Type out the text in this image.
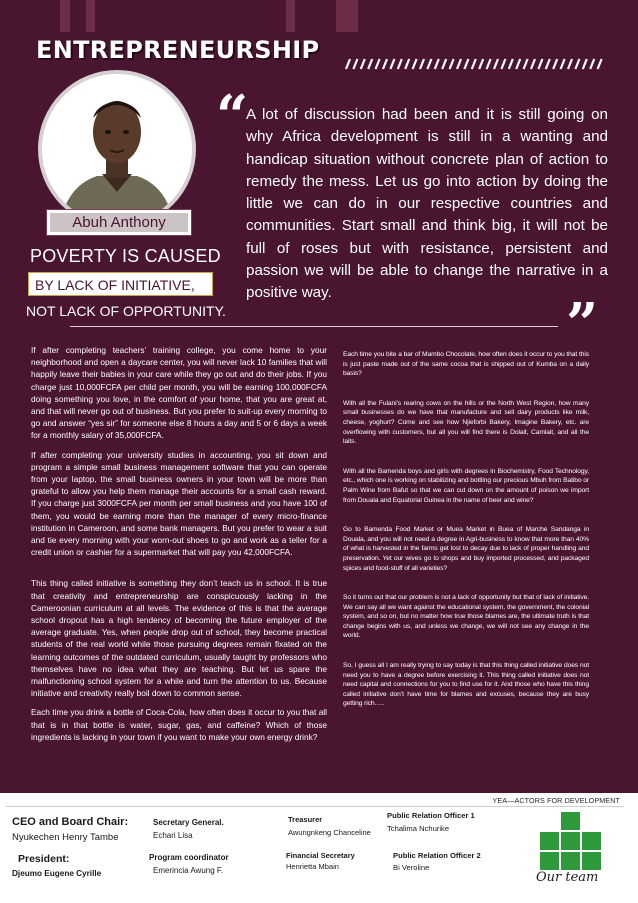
ENTREPRENEURSHIP
Abuh Anthony
POVERTY IS CAUSED
BY LACK OF INITIATIVE,
NOT LACK OF OPPORTUNITY.
“
A lot of discussion had been and it is still going on why Africa development is still in a wanting and handicap situation without concrete plan of action to remedy the mess. Let us go into action by doing the little we can do in our respective countries and communities. Start small and think big, it will not be full of roses but with resistance, persistent and passion we will be able to change the narrative in a positive way.	”

If after completing teachers’ training college, you come home to your neighborhood and open a daycare center, you will never lack 10 families that will happily leave their babies in your care while they go out and do their jobs. If you charge just 10,000FCFA per child per month, you will be earning 100,000FCFA doing something you love, in the comfort of your home, that you are great at, and that will never go out of business. But you prefer to suit-up every morning to go and answer “yes sir” for someone else 8 hours a day and 5 or 6 days a week for a monthly salary of 35,000FCFA.

If after completing your university studies in accounting, you sit down and program a simple small business management software that you can operate from your laptop, the small business owners in your town will be more than grateful to allow you help them manage their accounts for a small cash reward. If you charge just 3000FCFA per month per small business and you have 100 of them, you would be earning more than the manager of every micro-finance institution in Cameroon, and some bank managers. But you prefer to wear a suit and tie every morning with your worn-out shoes to go and work as a teller for a credit union or cashier for a supermarket that will pay you 42,000FCFA.

This thing called initiative is something they don’t teach us in school. It is true that creativity and entrepreneurship are conspicuously lacking in the Cameroonian curriculum at all levels. The evidence of this is that the average school dropout has a high tendency of becoming the future employer of the average graduate. Yes, when people drop out of school, they become practical students of the real world while those pursuing degrees remain fixated on the learning outcomes of the outdated curriculum, usually taught by professors who themselves have no idea what they are teaching. But let us spare the malfunctioning school system for a while and turn the attention to us. Because initiative and creativity really boil down to common sense.

Each time you drink a bottle of Coca-Cola, how often does it occur to you that all that is in that bottle is water, sugar, gas, and caffeine? Which of those ingredients is lacking in your town if you want to make your own energy drink?

Each time you bite a bar of Mambo Chocolate, how often does it occur to you that this is just paste made out of the same cocoa that is shipped out of Kumba on a daily basis?

With all the Fulani’s rearing cows on the hills or the North West Region, how many small businesses do we have that manufacture and sell dairy products like milk, cheese, yoghurt? Come and see how Njieforbi Bakery, Imagine Bakery, etc. are overflowing with customers, but all you will find there is Dolait, Camlait, and all the laits.

With all the Bamenda boys and girls with degrees in Biochemistry, Food Technology, etc., which one is working on stabilizing and bottling our precious Mbuh from Batibo or Palm Wine from Bafut so that we can cut down on the amount of poison we import from Douala and Equatorial Guinea in the name of beer and wine?

Go to Bamenda Food Market or Muea Market in Buea of Marche Sandanga in Douala, and you will not need a degree in Agri-business to know that more than 40% of what is harvested in the farms get lost to decay due to lack of proper handling and preservation. Yet our wives go to shops and buy imported processed, and packaged spices and food-stuff of all varieties?

So it turns out that our problem is not a lack of opportunity but that of lack of initiative. We can say all we want against the educational system, the government, the colonial system, and so on, but no matter how true those blames are, the ultimate truth is that change begins with us, and unless we change, we will not see any change in the world.

So, I guess all I am really trying to say today is that this thing called initiative does not need you to have a degree before exercising it. This thing called initiative does not need capital and connections for you to find use for it. And those who have this thing called initiative don’t have time for blames and excuses, because they are busy getting rich…..

YEA—ACTORS FOR DEVELOPMENT
CEO and Board Chair:
Nyukechen Henry Tambe
President:
Djeumo Eugene Cyrille
Secretary General.
Echari Lisa
Program coordinator
Emerincia Awung F.
Treasurer
Awungnkeng Chanceline
Financial Secretary
Henrietta Mbain
Public Relation Officer 1
Tchalima Nchurike
Public Relation Officer 2
Bi Veroline
Our team
